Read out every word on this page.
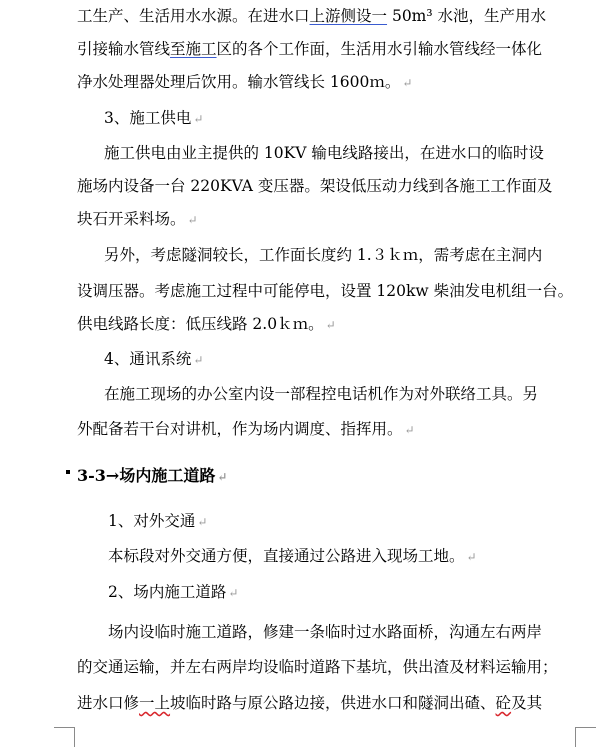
工生产、生活用水水源。在进水口上游侧设一 50m³ 水池，生产用水
引接输水管线至施工区的各个工作面，生活用水引输水管线经一体化
净水处理器处理后饮用。输水管线长 1600ｍ。 ↵
3、施工供电 ↵
施工供电由业主提供的 10KV 输电线路接出，在进水口的临时设
施场内设备一台 220KVA 变压器。架设低压动力线到各施工工作面及
块石开采料场。 ↵
另外，考虑隧洞较长，工作面长度约 1.３ｋｍ，需考虑在主洞内
设调压器。考虑施工过程中可能停电，设置 120kw 柴油发电机组一台。
供电线路长度：低压线路 2.0ｋｍ。 ↵
4、通讯系统 ↵
在施工现场的办公室内设一部程控电话机作为对外联络工具。另
外配备若干台对讲机，作为场内调度、指挥用。 ↵
3-3→场内施工道路 ↵
1、对外交通 ↵
本标段对外交通方便，直接通过公路进入现场工地。 ↵
2、场内施工道路 ↵
场内设临时施工道路，修建一条临时过水路面桥，沟通左右两岸
的交通运输，并左右两岸均设临时道路下基坑，供出渣及材料运输用；
进水口修一上坡临时路与原公路边接，供进水口和隧洞出碴、砼及其
